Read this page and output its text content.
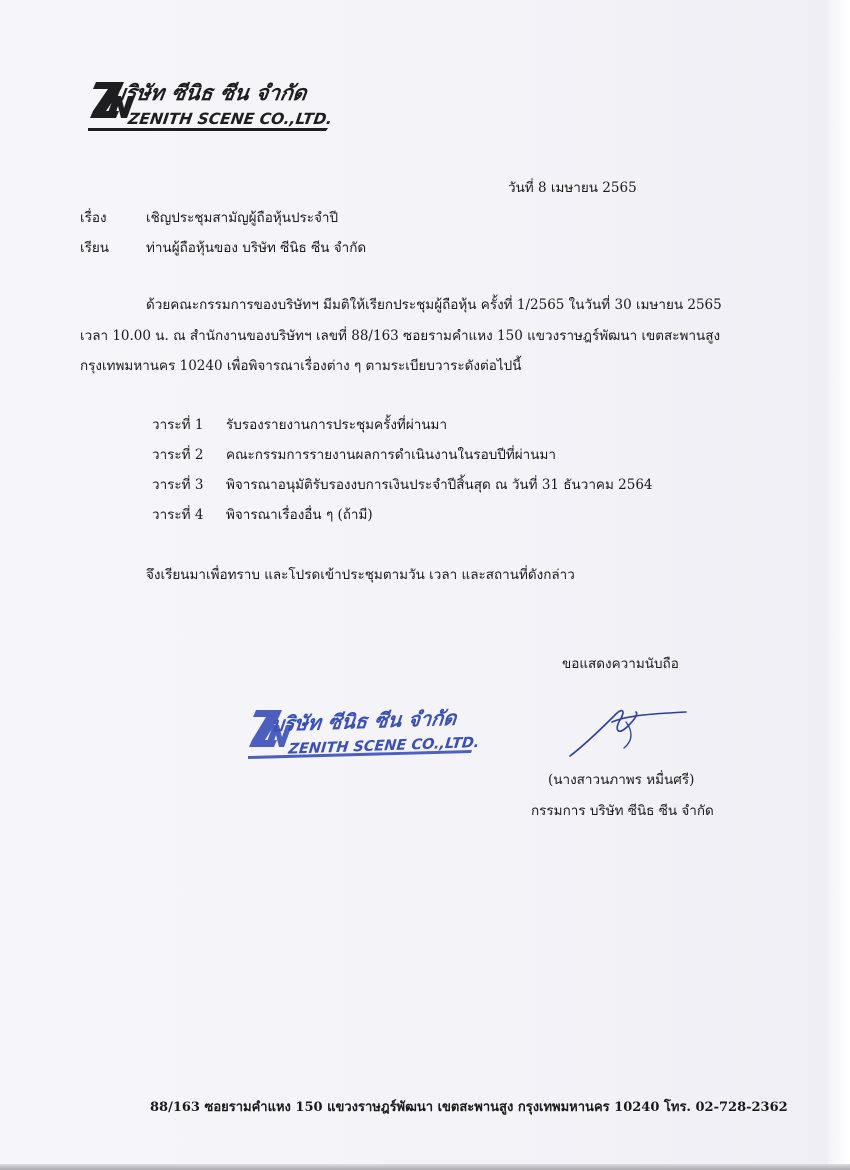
บริษัท ซีนิธ ซีน จำกัด
ZENITH SCENE CO.,LTD.
วันที่ 8 เมษายน 2565
เรื่อง	เชิญประชุมสามัญผู้ถือหุ้นประจำปี
เรียน	ท่านผู้ถือหุ้นของ บริษัท ซีนิธ ซีน จำกัด
ด้วยคณะกรรมการของบริษัทฯ มีมติให้เรียกประชุมผู้ถือหุ้น ครั้งที่ 1/2565 ในวันที่ 30 เมษายน 2565
เวลา 10.00 น. ณ สำนักงานของบริษัทฯ เลขที่ 88/163 ซอยรามคำแหง 150 แขวงราษฎร์พัฒนา เขตสะพานสูง
กรุงเทพมหานคร 10240 เพื่อพิจารณาเรื่องต่าง ๆ ตามระเบียบวาระดังต่อไปนี้
วาระที่ 1 รับรองรายงานการประชุมครั้งที่ผ่านมา
วาระที่ 2 คณะกรรมการรายงานผลการดำเนินงานในรอบปีที่ผ่านมา
วาระที่ 3 พิจารณาอนุมัติรับรองงบการเงินประจำปีสิ้นสุด ณ วันที่ 31 ธันวาคม 2564
วาระที่ 4 พิจารณาเรื่องอื่น ๆ (ถ้ามี)
จึงเรียนมาเพื่อทราบ และโปรดเข้าประชุมตามวัน เวลา และสถานที่ดังกล่าว
ขอแสดงความนับถือ
บริษัท ซีนิธ ซีน จำกัด
ZENITH SCENE CO.,LTD.
(นางสาวนภาพร หมื่นศรี)
กรรมการ บริษัท ซีนิธ ซีน จำกัด
88/163 ซอยรามคำแหง 150 แขวงราษฎร์พัฒนา เขตสะพานสูง กรุงเทพมหานคร 10240 โทร. 02-728-2362
